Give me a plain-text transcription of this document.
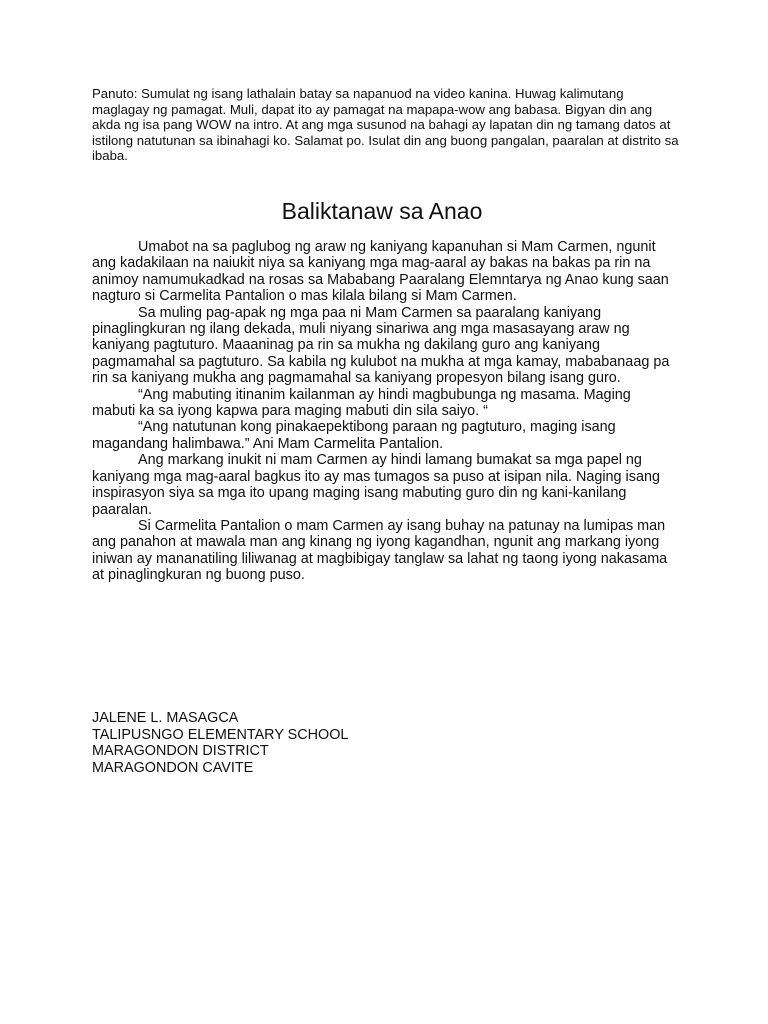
Panuto: Sumulat ng isang lathalain batay sa napanuod na video kanina. Huwag kalimutang maglagay ng pamagat. Muli, dapat ito ay pamagat na mapapa-wow ang babasa. Bigyan din ang akda ng isa pang WOW na intro. At ang mga susunod na bahagi ay lapatan din ng tamang datos at istilong natutunan sa ibinahagi ko. Salamat po. Isulat din ang buong pangalan, paaralan at distrito sa ibaba.

Baliktanaw sa Anao

Umabot na sa paglubog ng araw ng kaniyang kapanuhan si Mam Carmen, ngunit ang kadakilaan na naiukit niya sa kaniyang mga mag-aaral ay bakas na bakas pa rin na animoy namumukadkad na rosas sa Mababang Paaralang Elemntarya ng Anao kung saan nagturo si Carmelita Pantalion o mas kilala bilang si Mam Carmen.

Sa muling pag-apak ng mga paa ni Mam Carmen sa paaralang kaniyang pinaglingkuran ng ilang dekada, muli niyang sinariwa ang mga masasayang araw ng kaniyang pagtuturo. Maaaninag pa rin sa mukha ng dakilang guro ang kaniyang pagmamahal sa pagtuturo. Sa kabila ng kulubot na mukha at mga kamay, mababanaag pa rin sa kaniyang mukha ang pagmamahal sa kaniyang propesyon bilang isang guro.

“Ang mabuting itinanim kailanman ay hindi magbubunga ng masama. Maging mabuti ka sa iyong kapwa para maging mabuti din sila saiyo. “

“Ang natutunan kong pinakaepektibong paraan ng pagtuturo, maging isang magandang halimbawa.” Ani Mam Carmelita Pantalion.

Ang markang inukit ni mam Carmen ay hindi lamang bumakat sa mga papel ng kaniyang mga mag-aaral bagkus ito ay mas tumagos sa puso at isipan nila. Naging isang inspirasyon siya sa mga ito upang maging isang mabuting guro din ng kani-kanilang paaralan.

Si Carmelita Pantalion o mam Carmen ay isang buhay na patunay na lumipas man ang panahon at mawala man ang kinang ng iyong kagandhan, ngunit ang markang iyong iniwan ay mananatiling liliwanag at magbibigay tanglaw sa lahat ng taong iyong nakasama at pinaglingkuran ng buong puso.

JALENE L. MASAGCA
TALIPUSNGO ELEMENTARY SCHOOL
MARAGONDON DISTRICT
MARAGONDON CAVITE
